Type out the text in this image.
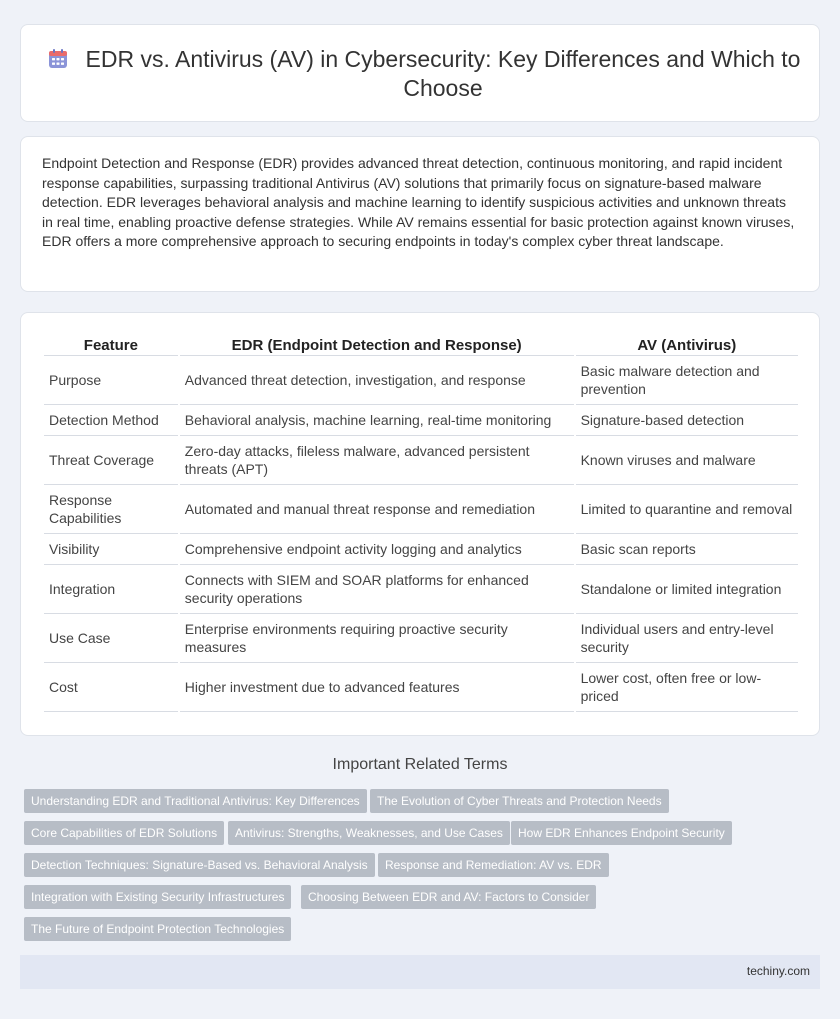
EDR vs. Antivirus (AV) in Cybersecurity: Key Differences and Which to Choose

Endpoint Detection and Response (EDR) provides advanced threat detection, continuous monitoring, and rapid incident response capabilities, surpassing traditional Antivirus (AV) solutions that primarily focus on signature-based malware detection. EDR leverages behavioral analysis and machine learning to identify suspicious activities and unknown threats in real time, enabling proactive defense strategies. While AV remains essential for basic protection against known viruses, EDR offers a more comprehensive approach to securing endpoints in today's complex cyber threat landscape.

Feature	EDR (Endpoint Detection and Response)	AV (Antivirus)
Purpose	Advanced threat detection, investigation, and response	Basic malware detection and prevention
Detection Method	Behavioral analysis, machine learning, real-time monitoring	Signature-based detection
Threat Coverage	Zero-day attacks, fileless malware, advanced persistent threats (APT)	Known viruses and malware
Response Capabilities	Automated and manual threat response and remediation	Limited to quarantine and removal
Visibility	Comprehensive endpoint activity logging and analytics	Basic scan reports
Integration	Connects with SIEM and SOAR platforms for enhanced security operations	Standalone or limited integration
Use Case	Enterprise environments requiring proactive security measures	Individual users and entry-level security
Cost	Higher investment due to advanced features	Lower cost, often free or low-priced
Important Related Terms
Understanding EDR and Traditional Antivirus: Key Differences	The Evolution of Cyber Threats and Protection Needs
Core Capabilities of EDR Solutions	Antivirus: Strengths, Weaknesses, and Use Cases	How EDR Enhances Endpoint Security
Detection Techniques: Signature-Based vs. Behavioral Analysis	Response and Remediation: AV vs. EDR
Integration with Existing Security Infrastructures	Choosing Between EDR and AV: Factors to Consider
The Future of Endpoint Protection Technologies
techiny.com
